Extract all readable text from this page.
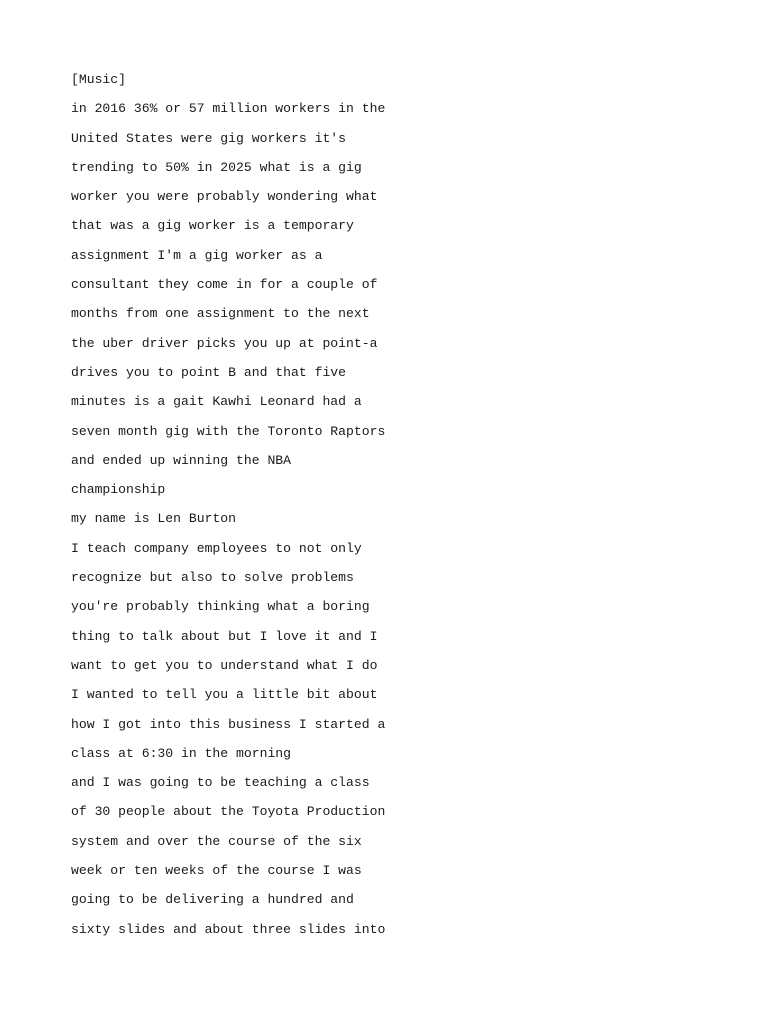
[Music]
in 2016 36% or 57 million workers in the
United States were gig workers it's
trending to 50% in 2025 what is a gig
worker you were probably wondering what
that was a gig worker is a temporary
assignment I'm a gig worker as a
consultant they come in for a couple of
months from one assignment to the next
the uber driver picks you up at point-a
drives you to point B and that five
minutes is a gait Kawhi Leonard had a
seven month gig with the Toronto Raptors
and ended up winning the NBA
championship
my name is Len Burton
I teach company employees to not only
recognize but also to solve problems
you're probably thinking what a boring
thing to talk about but I love it and I
want to get you to understand what I do
I wanted to tell you a little bit about
how I got into this business I started a
class at 6:30 in the morning
and I was going to be teaching a class
of 30 people about the Toyota Production
system and over the course of the six
week or ten weeks of the course I was
going to be delivering a hundred and
sixty slides and about three slides into
